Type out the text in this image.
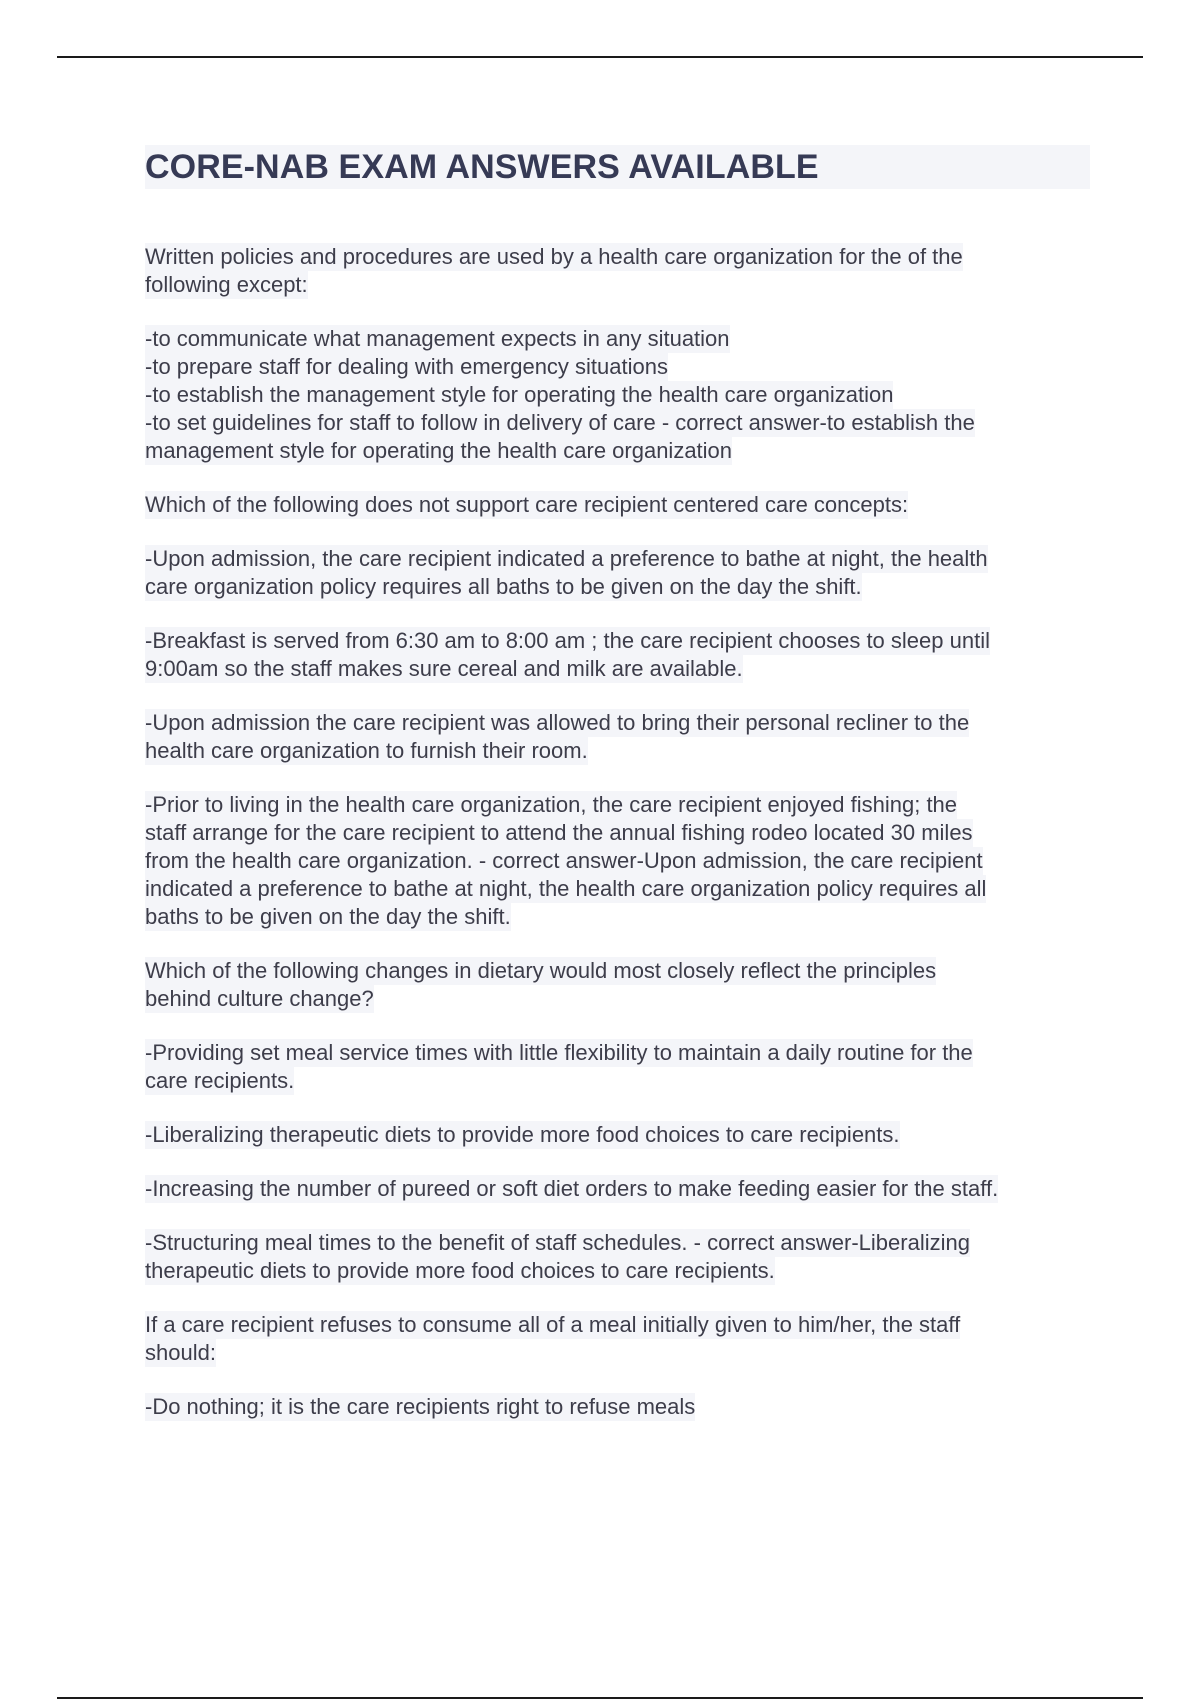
CORE-NAB EXAM ANSWERS AVAILABLE

Written policies and procedures are used by a health care organization for the of the
following except:

-to communicate what management expects in any situation
-to prepare staff for dealing with emergency situations
-to establish the management style for operating the health care organization
-to set guidelines for staff to follow in delivery of care - correct answer-to establish the
management style for operating the health care organization

Which of the following does not support care recipient centered care concepts:

-Upon admission, the care recipient indicated a preference to bathe at night, the health
care organization policy requires all baths to be given on the day the shift.

-Breakfast is served from 6:30 am to 8:00 am ; the care recipient chooses to sleep until
9:00am so the staff makes sure cereal and milk are available.

-Upon admission the care recipient was allowed to bring their personal recliner to the
health care organization to furnish their room.

-Prior to living in the health care organization, the care recipient enjoyed fishing; the
staff arrange for the care recipient to attend the annual fishing rodeo located 30 miles
from the health care organization. - correct answer-Upon admission, the care recipient
indicated a preference to bathe at night, the health care organization policy requires all
baths to be given on the day the shift.

Which of the following changes in dietary would most closely reflect the principles
behind culture change?

-Providing set meal service times with little flexibility to maintain a daily routine for the
care recipients.

-Liberalizing therapeutic diets to provide more food choices to care recipients.

-Increasing the number of pureed or soft diet orders to make feeding easier for the staff.

-Structuring meal times to the benefit of staff schedules. - correct answer-Liberalizing
therapeutic diets to provide more food choices to care recipients.

If a care recipient refuses to consume all of a meal initially given to him/her, the staff
should:

-Do nothing; it is the care recipients right to refuse meals
